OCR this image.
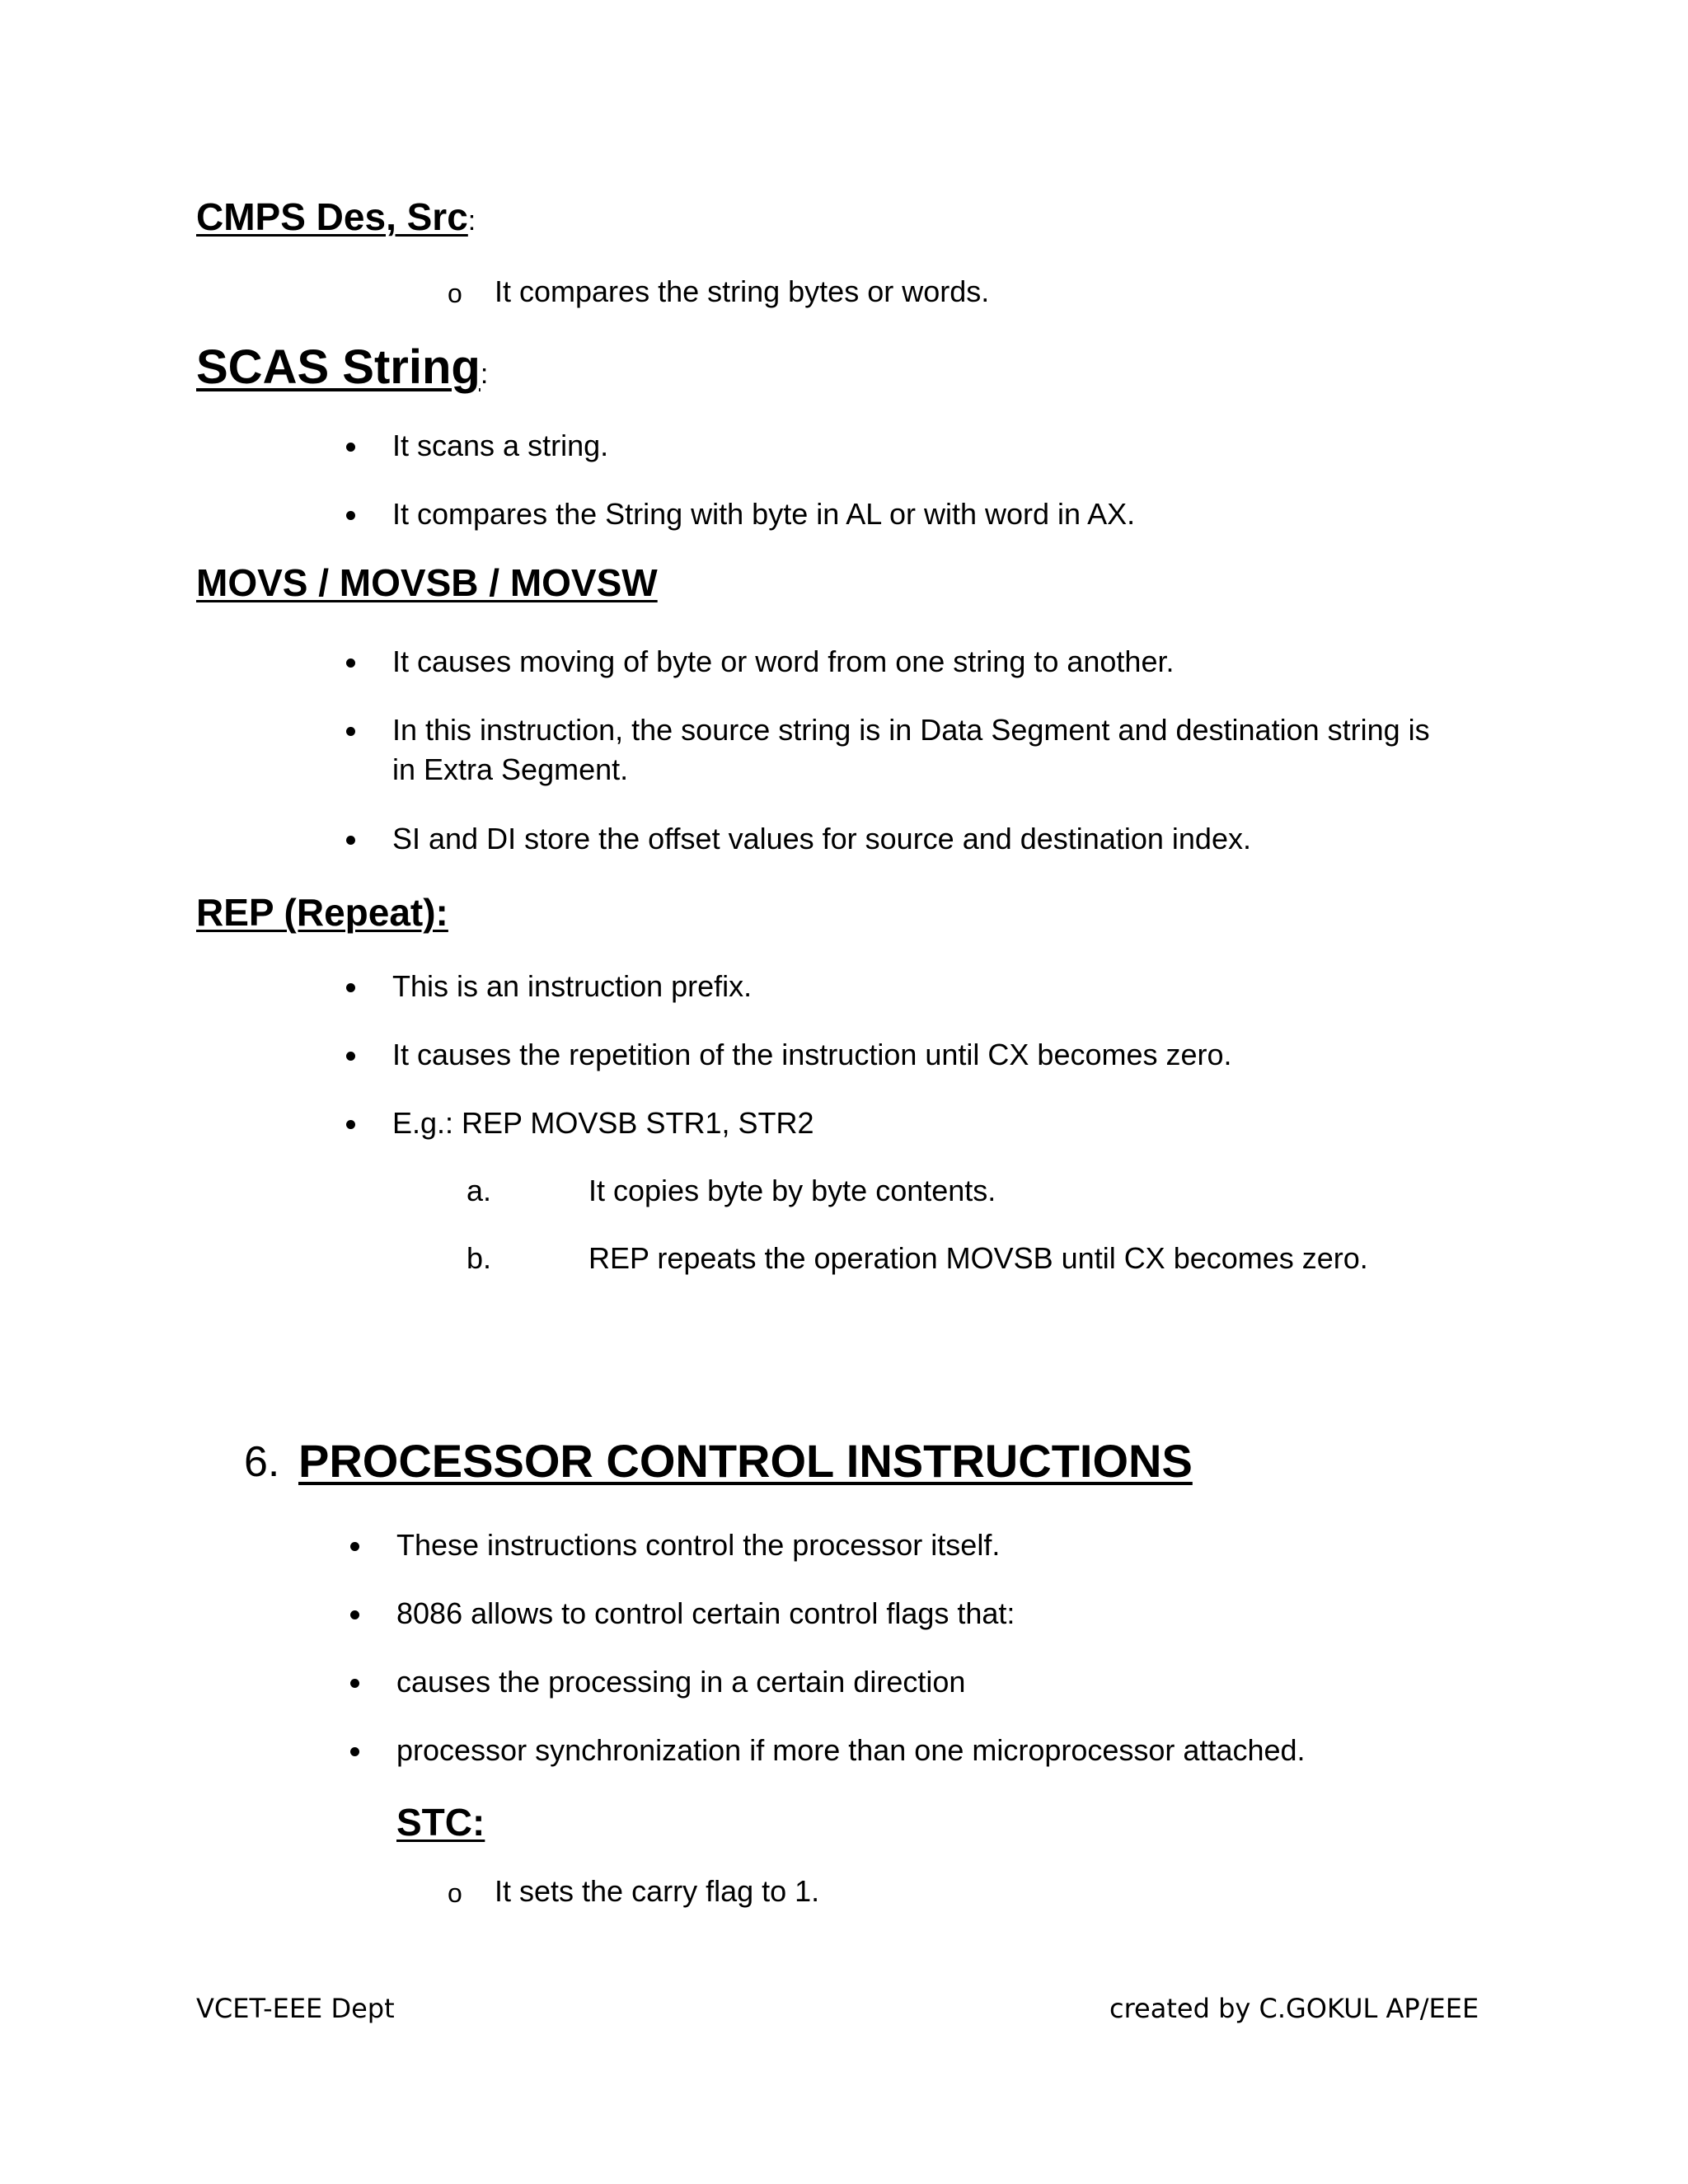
CMPS Des, Src:
o It compares the string bytes or words.
SCAS String:
It scans a string.
It compares the String with byte in AL or with word in AX.
MOVS / MOVSB / MOVSW
It causes moving of byte or word from one string to another.
In this instruction, the source string is in Data Segment and destination string is
in Extra Segment.
SI and DI store the offset values for source and destination index.
REP (Repeat):
This is an instruction prefix.
It causes the repetition of the instruction until CX becomes zero.
E.g.: REP MOVSB STR1, STR2
a.	It copies byte by byte contents.
b.	REP repeats the operation MOVSB until CX becomes zero.
6. PROCESSOR CONTROL INSTRUCTIONS
These instructions control the processor itself.
8086 allows to control certain control flags that:
causes the processing in a certain direction
processor synchronization if more than one microprocessor attached.
STC:
o It sets the carry flag to 1.
VCET-EEE Dept	created by C.GOKUL AP/EEE
